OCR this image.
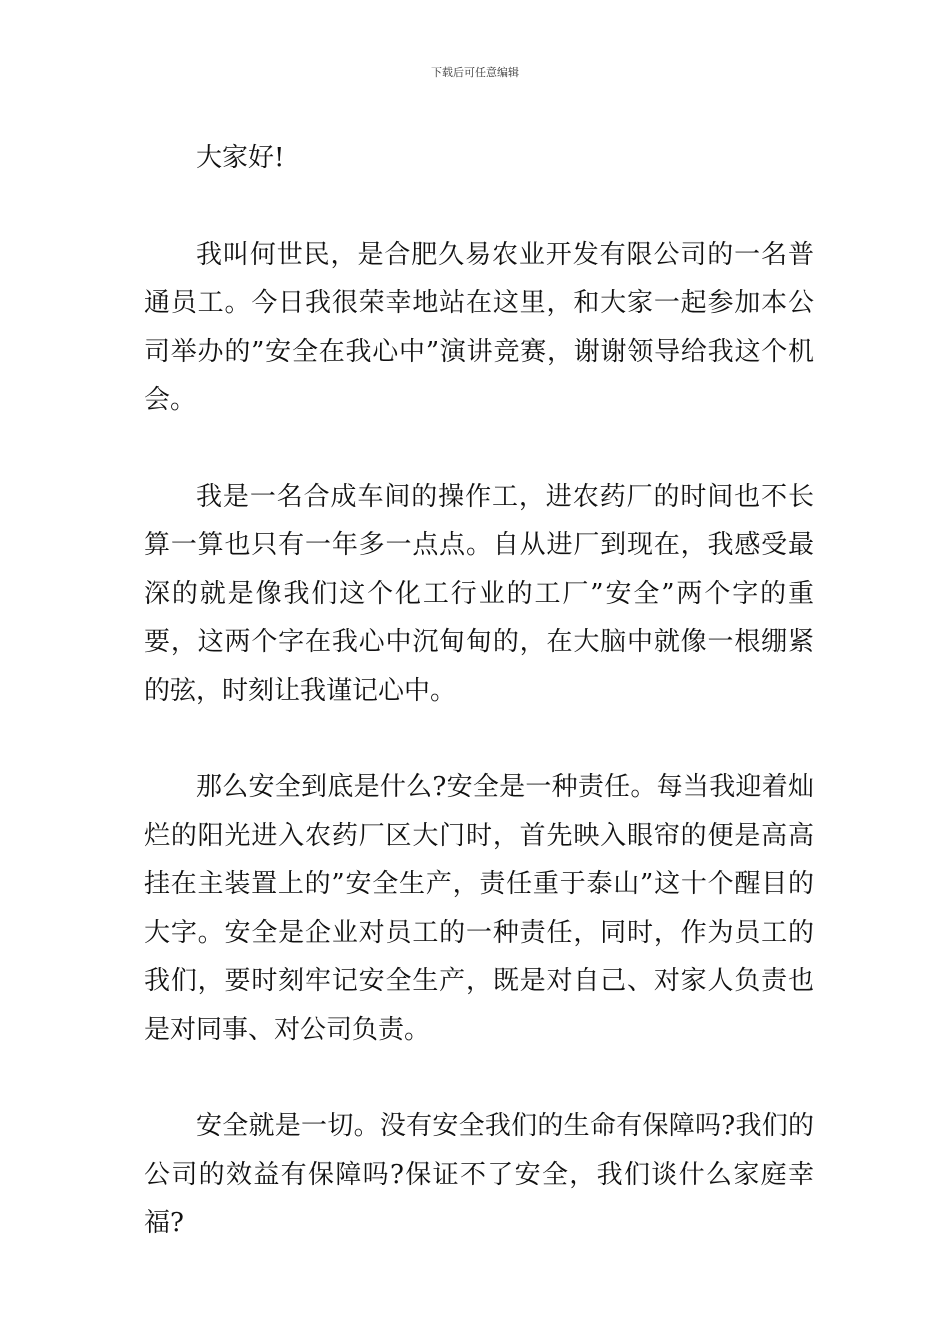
下载后可任意编辑

大家好!

我叫何世民，是合肥久易农业开发有限公司的一名普通员工。今日我很荣幸地站在这里，和大家一起参加本公司举办的”安全在我心中”演讲竞赛，谢谢领导给我这个机会。

我是一名合成车间的操作工，进农药厂的时间也不长算一算也只有一年多一点点。自从进厂到现在，我感受最深的就是像我们这个化工行业的工厂”安全”两个字的重要，这两个字在我心中沉甸甸的，在大脑中就像一根绷紧的弦，时刻让我谨记心中。

那么安全到底是什么?安全是一种责任。每当我迎着灿烂的阳光进入农药厂区大门时，首先映入眼帘的便是高高挂在主装置上的”安全生产，责任重于泰山”这十个醒目的大字。安全是企业对员工的一种责任，同时，作为员工的我们，要时刻牢记安全生产，既是对自己、对家人负责也是对同事、对公司负责。

安全就是一切。没有安全我们的生命有保障吗?我们的公司的效益有保障吗?保证不了安全，我们谈什么家庭幸福?
